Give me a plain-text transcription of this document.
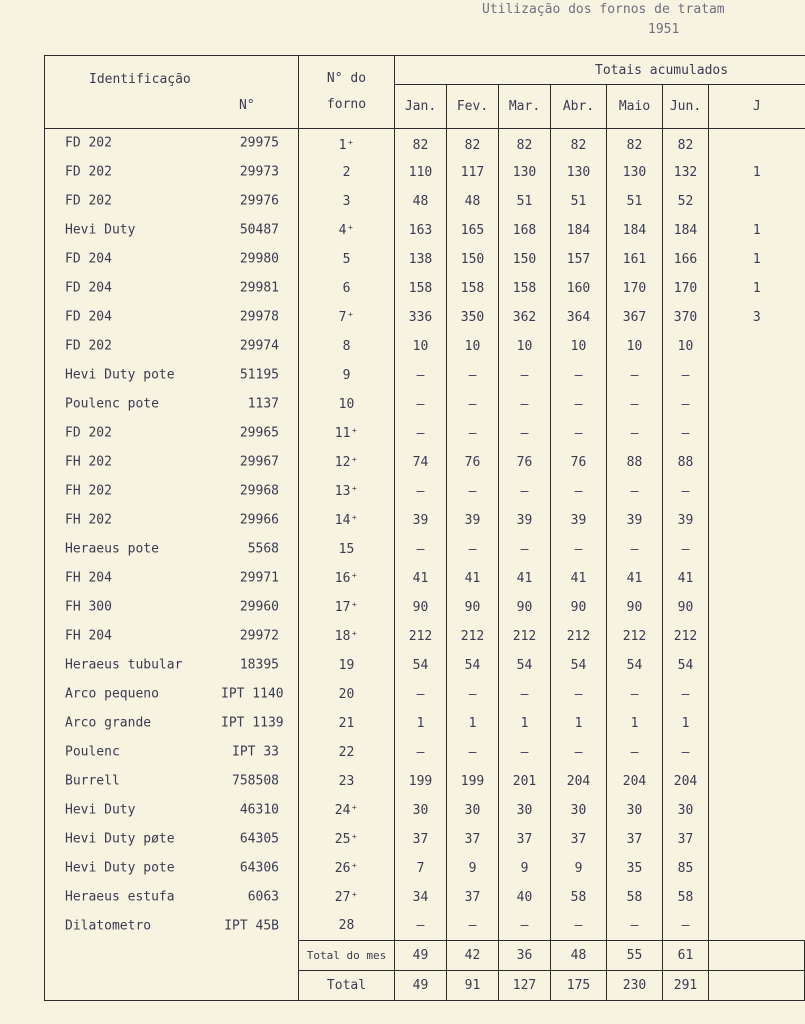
Utilização dos fornos de tratam
1951
Identificação
N°	N° do forno	Totais acumulados						
		Jan.	Fev.	Mar.	Abr.	Maio	Jun.	J

FD 202 29975	1⁺	82	82	82	82	82	82	

FD 202 29973	2	110	117	130	130	130	132	1

FD 202 29976	3	48	48	51	51	51	52	

Hevi Duty 50487	4⁺	163	165	168	184	184	184	1

FD 204 29980	5	138	150	150	157	161	166	1

FD 204 29981	6	158	158	158	160	170	170	1

FD 204 29978	7⁺	336	350	362	364	367	370	3

FD 202 29974	8	10	10	10	10	10	10	

Hevi Duty pote 51195	9	—	—	—	—	—	—	

Poulenc pote 1137	10	—	—	—	—	—	—	

FD 202 29965	11⁺	—	—	—	—	—	—	

FH 202 29967	12⁺	74	76	76	76	88	88	

FH 202 29968	13⁺	—	—	—	—	—	—	

FH 202 29966	14⁺	39	39	39	39	39	39	

Heraeus pote 5568	15	—	—	—	—	—	—	

FH 204 29971	16⁺	41	41	41	41	41	41	

FH 300 29960	17⁺	90	90	90	90	90	90	

FH 204 29972	18⁺	212	212	212	212	212	212	

Heraeus tubular 18395	19	54	54	54	54	54	54	

Arco pequeno IPT 1140	20	—	—	—	—	—	—	

Arco grande IPT 1139	21	1	1	1	1	1	1	

Poulenc IPT 33	22	—	—	—	—	—	—	

Burrell 758508	23	199	199	201	204	204	204	

Hevi Duty 46310	24⁺	30	30	30	30	30	30	

Hevi Duty pøte 64305	25⁺	37	37	37	37	37	37	

Hevi Duty pote 64306	26⁺	7	9	9	9	35	85	

Heraeus estufa 6063	27⁺	34	37	40	58	58	58	

Dilatometro IPT 45B	28	—	—	—	—	—	—	
	Total do mes	49	42	36	48	55	61	
	Total	49	91	127	175	230	291	
